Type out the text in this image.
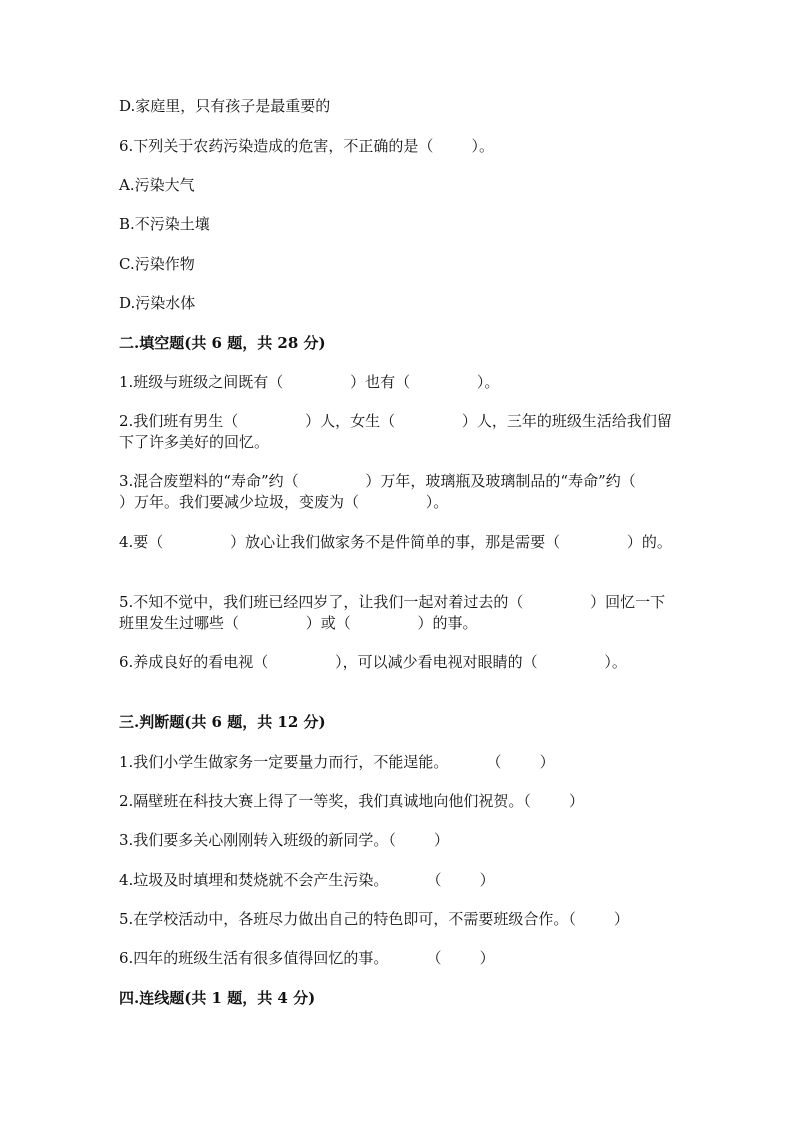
D.家庭里，只有孩子是最重要的
6.下列关于农药污染造成的危害，不正确的是（        ）。
A.污染大气
B.不污染土壤
C.污染作物
D.污染水体
二.填空题(共 6 题，共 28 分)
1.班级与班级之间既有（              ）也有（              ）。
2.我们班有男生（              ）人，女生（              ）人，三年的班级生活给我们留下了许多美好的回忆。
3.混合废塑料的“寿命”约（              ）万年，玻璃瓶及玻璃制品的“寿命”约（              ）万年。我们要减少垃圾，变废为（              ）。
4.要（              ）放心让我们做家务不是件简单的事，那是需要（              ）的。
5.不知不觉中，我们班已经四岁了，让我们一起对着过去的（              ）回忆一下班里发生过哪些（              ）或（              ）的事。
6.养成良好的看电视（              ），可以减少看电视对眼睛的（              ）。
三.判断题(共 6 题，共 12 分)
1.我们小学生做家务一定要量力而行，不能逞能。        （        ）
2.隔壁班在科技大赛上得了一等奖，我们真诚地向他们祝贺。（        ）
3.我们要多关心刚刚转入班级的新同学。（        ）
4.垃圾及时填埋和焚烧就不会产生污染。        （        ）
5.在学校活动中，各班尽力做出自己的特色即可，不需要班级合作。（        ）
6.四年的班级生活有很多值得回忆的事。        （        ）
四.连线题(共 1 题，共 4 分)
